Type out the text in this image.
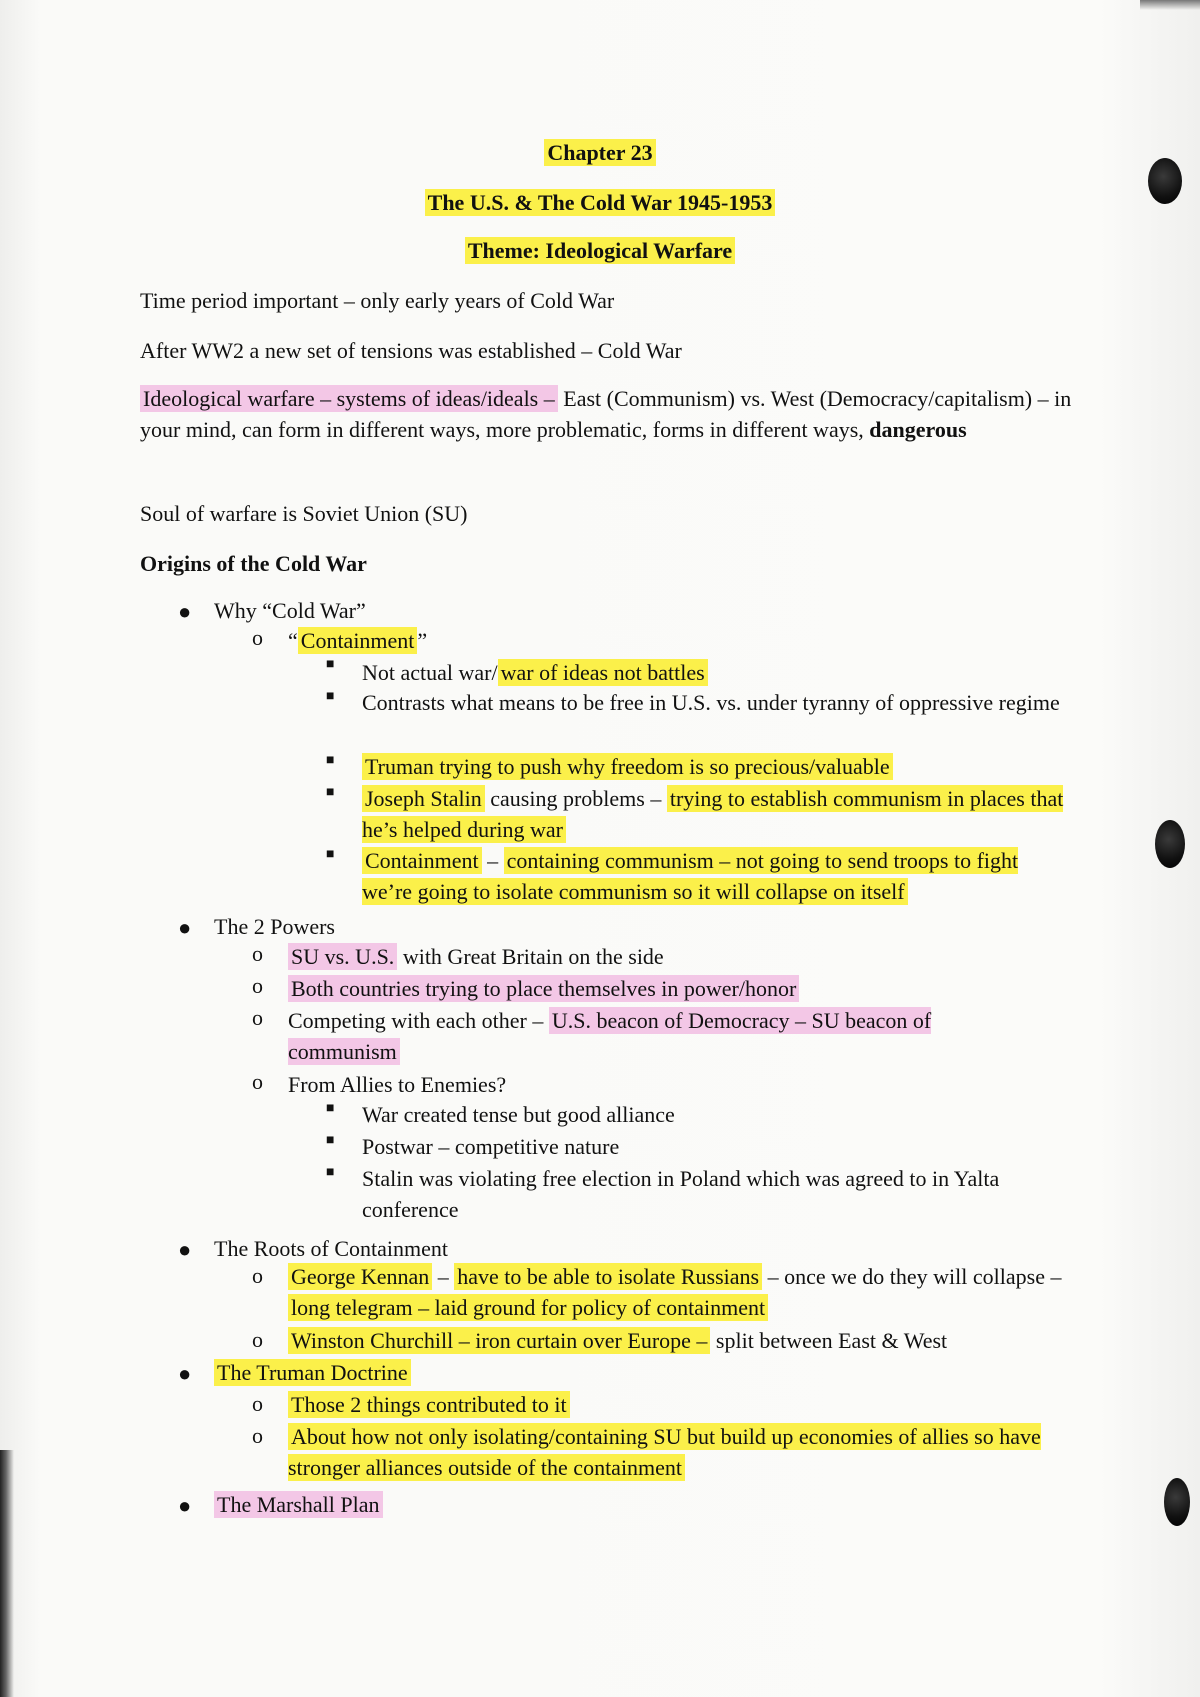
Chapter 23
The U.S. & The Cold War 1945-1953
Theme: Ideological Warfare
Time period important – only early years of Cold War
After WW2 a new set of tensions was established – Cold War
Ideological warfare – systems of ideas/ideals – East (Communism) vs. West (Democracy/capitalism) – in your mind, can form in different ways, more problematic, forms in different ways, dangerous
Soul of warfare is Soviet Union (SU)
Origins of the Cold War
● Why “Cold War”
o “ Containment ”
■ Not actual war/ war of ideas not battles
■ Contrasts what means to be free in U.S. vs. under tyranny of oppressive regime
■ Truman trying to push why freedom is so precious/valuable
■ Joseph Stalin causing problems – trying to establish communism in places that he’s helped during war
■ Containment – containing communism – not going to send troops to fight we’re going to isolate communism so it will collapse on itself
● The 2 Powers
o SU vs. U.S. with Great Britain on the side
o Both countries trying to place themselves in power/honor
o Competing with each other – U.S. beacon of Democracy – SU beacon of communism
o From Allies to Enemies?
■ War created tense but good alliance
■ Postwar – competitive nature
■ Stalin was violating free election in Poland which was agreed to in Yalta conference
● The Roots of Containment
o George Kennan – have to be able to isolate Russians – once we do they will collapse – long telegram – laid ground for policy of containment
o Winston Churchill – iron curtain over Europe – split between East & West
● The Truman Doctrine
o Those 2 things contributed to it
o About how not only isolating/containing SU but build up economies of allies so have stronger alliances outside of the containment
● The Marshall Plan
